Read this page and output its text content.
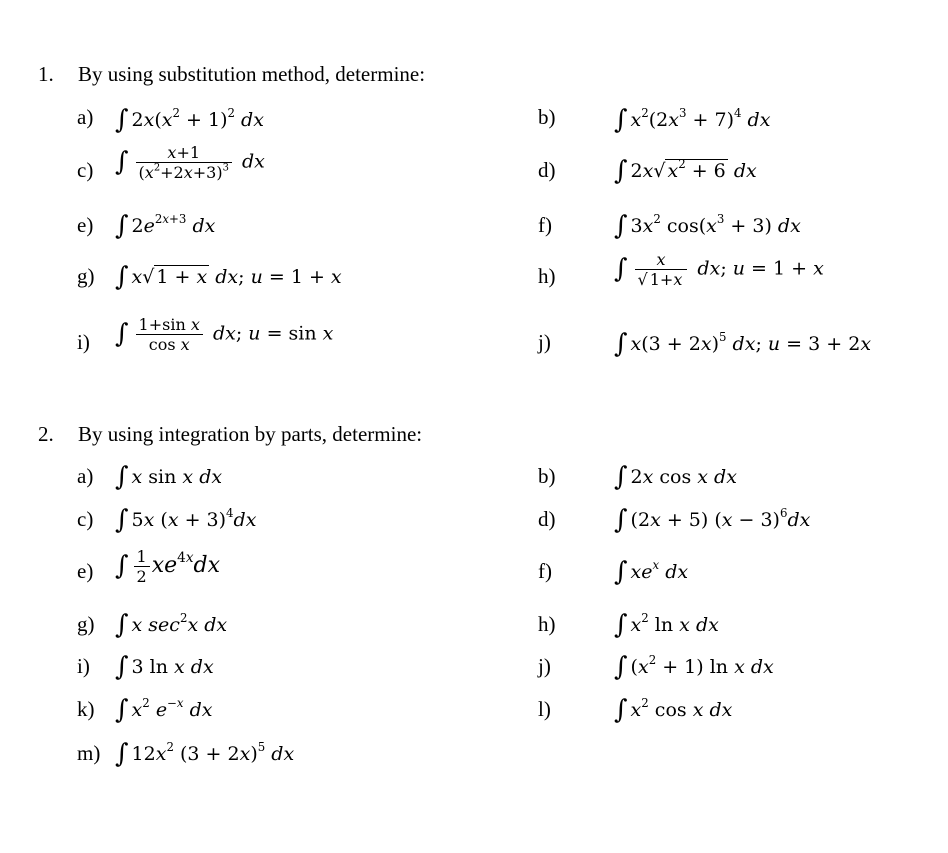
1. By using substitution method, determine:
a) ∫ $2x(x^2 + 1)^2$ dx	b) ∫ $x^2(2x^3 + 7)^4$ dx
c) ∫ $\frac{x+1}{(x^2+2x+3)^3}$ dx	d) ∫ 2x√ $x^2 + 6$ dx
e) ∫ $2e^{2x+3}$ dx	f) ∫ $3x^2$ $\cos(x^3 + 3)$ dx
g) ∫ x√ 1 + x dx; u = 1 + x	h) ∫ $\frac{x}{√ 1+x}$ dx; u = 1 + x
i) ∫ $\frac{\text{1+sin x}}{\text{cos x}}$ dx; u = sin x	j) ∫ $x(3 + 2x)^5$ dx; u = 3 + 2x
2. By using integration by parts, determine:
a) ∫ x sin x dx	b) ∫ 2x cos x dx
c) ∫ 5x $(x + 3)^4dx$	d) ∫ (2x + 5) $(x - 3)^6dx$
e) ∫ $\frac{1}{2} xe^{4x}dx$	f) ∫ $xe^x$ dx
g) ∫ x $\sec^2x$ dx	h) ∫ $x^2$ ln x dx
i) ∫ 3 ln x dx	j) ∫ $(x^2 + 1)$ ln x dx
k) ∫ $x^2$ $e^{-x}$ dx	l) ∫ $x^2$ cos x dx
m) ∫ $12x^2$ $(3 + 2x)^5$ dx
